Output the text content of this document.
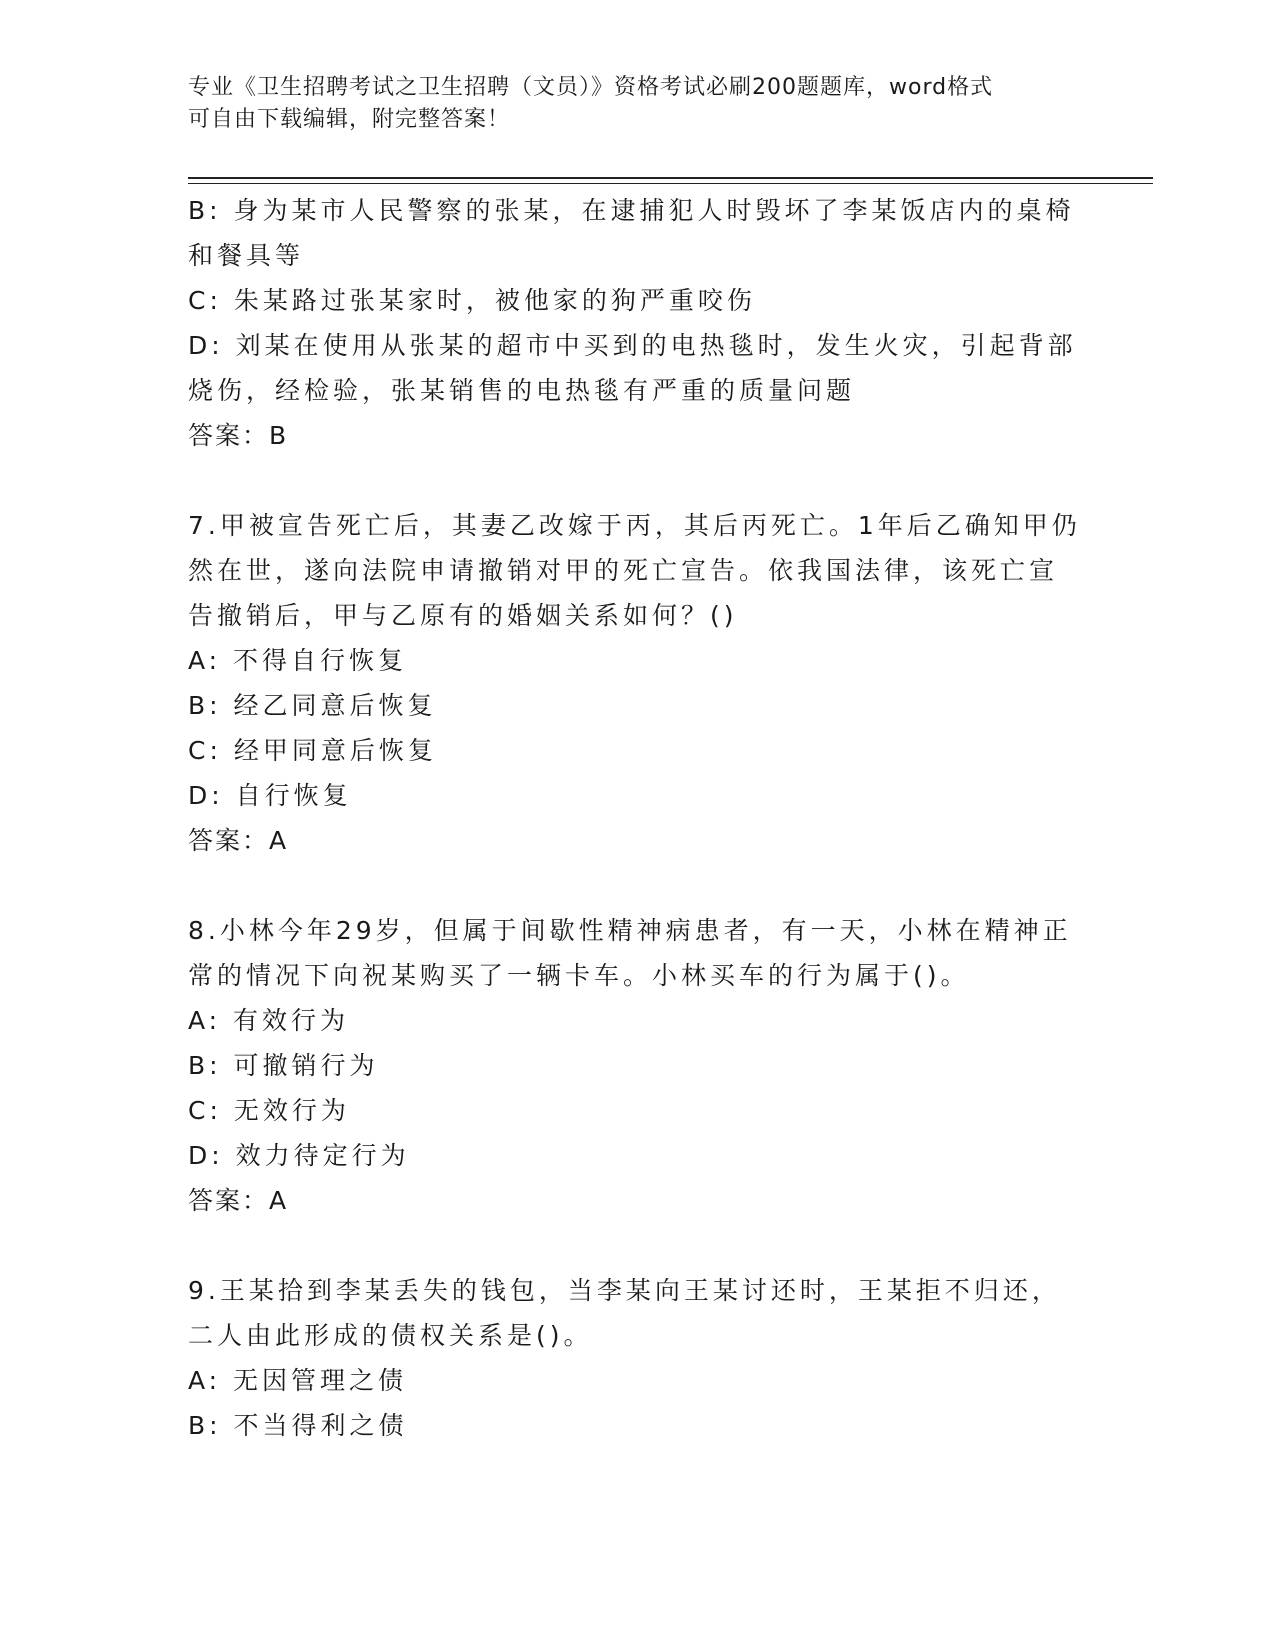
专业《卫生招聘考试之卫生招聘（文员）》资格考试必刷200题题库，word格式
可自由下载编辑，附完整答案！
B: 身为某市人民警察的张某，在逮捕犯人时毁坏了李某饭店内的桌椅
和餐具等
C: 朱某路过张某家时，被他家的狗严重咬伤
D: 刘某在使用从张某的超市中买到的电热毯时，发生火灾，引起背部
烧伤，经检验，张某销售的电热毯有严重的质量问题
答案：B
7.甲被宣告死亡后，其妻乙改嫁于丙，其后丙死亡。1年后乙确知甲仍
然在世，遂向法院申请撤销对甲的死亡宣告。依我国法律，该死亡宣
告撤销后，甲与乙原有的婚姻关系如何？()
A: 不得自行恢复
B: 经乙同意后恢复
C: 经甲同意后恢复
D: 自行恢复
答案：A
8.小林今年29岁，但属于间歇性精神病患者，有一天，小林在精神正
常的情况下向祝某购买了一辆卡车。小林买车的行为属于()。
A: 有效行为
B: 可撤销行为
C: 无效行为
D: 效力待定行为
答案：A
9.王某拾到李某丢失的钱包，当李某向王某讨还时，王某拒不归还，
二人由此形成的债权关系是()。
A: 无因管理之债
B: 不当得利之债
